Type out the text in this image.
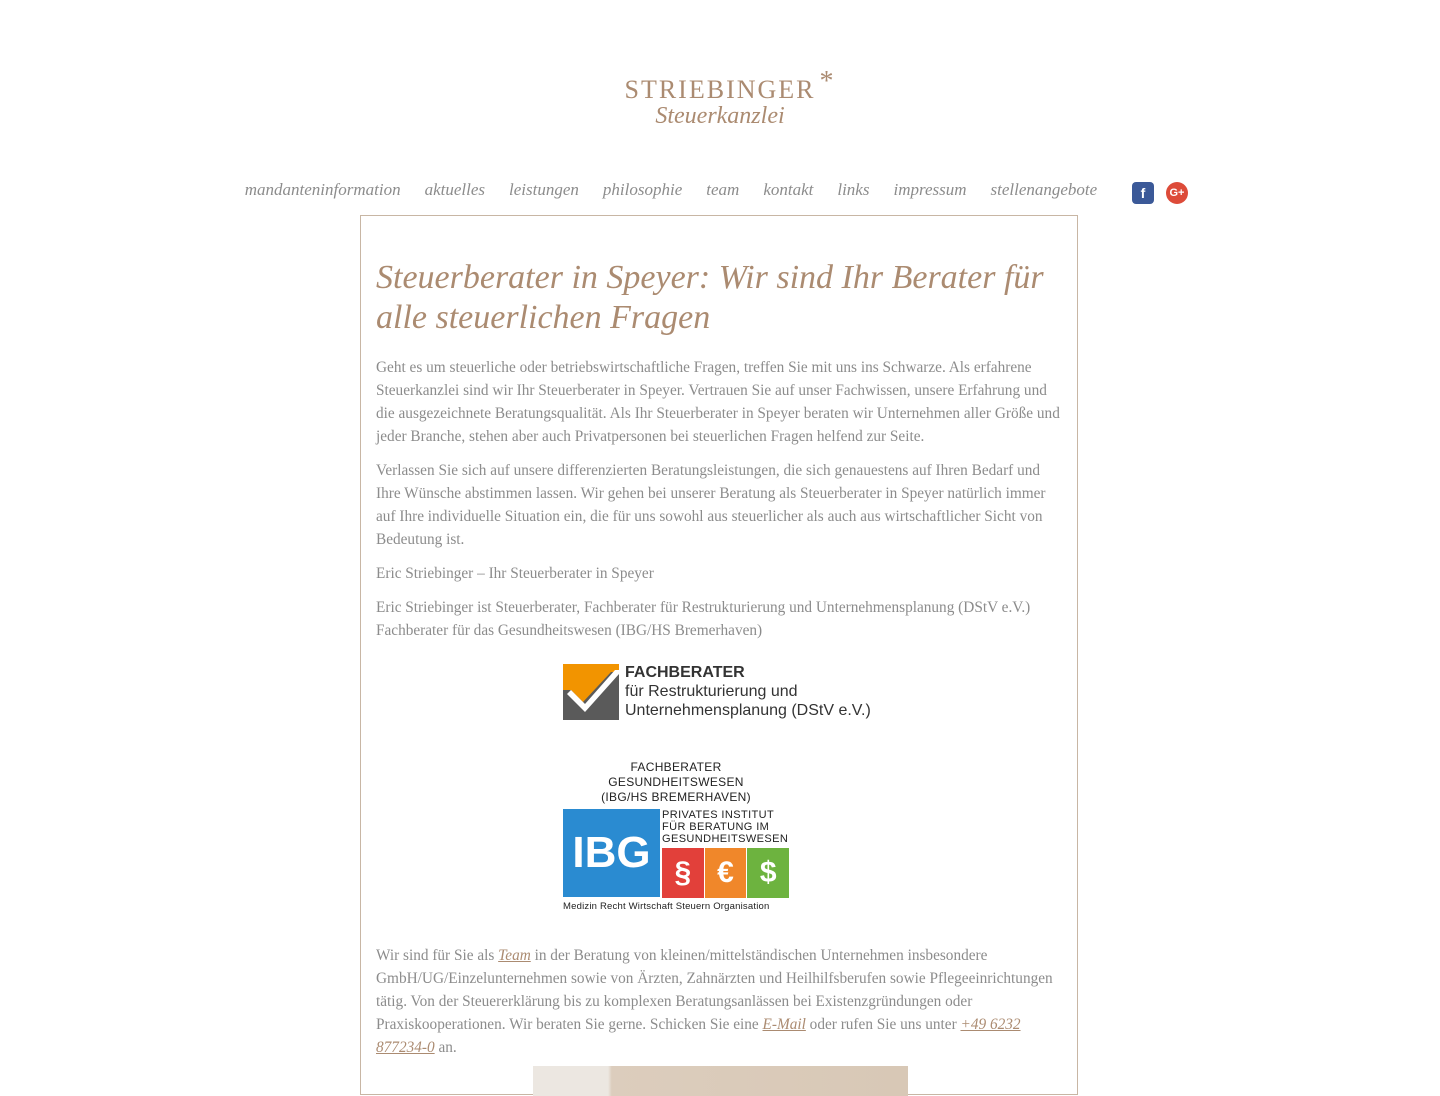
STRIEBINGER *
Steuerkanzlei
mandanteninformation aktuelles leistungen philosophie team kontakt links impressum stellenangebote	f	G+
Steuerberater in Speyer: Wir sind Ihr Berater für alle steuerlichen Fragen

Geht es um steuerliche oder betriebswirtschaftliche Fragen, treffen Sie mit uns ins Schwarze. Als erfahrene Steuerkanzlei sind wir Ihr Steuerberater in Speyer. Vertrauen Sie auf unser Fachwissen, unsere Erfahrung und die ausgezeichnete Beratungsqualität. Als Ihr Steuerberater in Speyer beraten wir Unternehmen aller Größe und jeder Branche, stehen aber auch Privatpersonen bei steuerlichen Fragen helfend zur Seite.

Verlassen Sie sich auf unsere differenzierten Beratungsleistungen, die sich genauestens auf Ihren Bedarf und Ihre Wünsche abstimmen lassen. Wir gehen bei unserer Beratung als Steuerberater in Speyer natürlich immer auf Ihre individuelle Situation ein, die für uns sowohl aus steuerlicher als auch aus wirtschaftlicher Sicht von Bedeutung ist.

Eric Striebinger – Ihr Steuerberater in Speyer

Eric Striebinger ist Steuerberater, Fachberater für Restrukturierung und Unternehmensplanung (DStV e.V.)
Fachberater für das Gesundheitswesen (IBG/HS Bremerhaven)

FACHBERATER
für Restrukturierung und
Unternehmensplanung (DStV e.V.)
FACHBERATER GESUNDHEITSWESEN
(IBG/HS BREMERHAVEN)
IBG
PRIVATES INSTITUT
FÜR BERATUNG IM
GESUNDHEITSWESEN
§ € $
Medizin Recht Wirtschaft Steuern Organisation

Wir sind für Sie als Team in der Beratung von kleinen/mittelständischen Unternehmen insbesondere GmbH/UG/Einzelunternehmen sowie von Ärzten, Zahnärzten und Heilhilfsberufen sowie Pflegeeinrichtungen tätig. Von der Steuererklärung bis zu komplexen Beratungsanlässen bei Existenzgründungen oder Praxiskooperationen. Wir beraten Sie gerne. Schicken Sie eine E-Mail oder rufen Sie uns unter +49 6232 877234-0 an.
